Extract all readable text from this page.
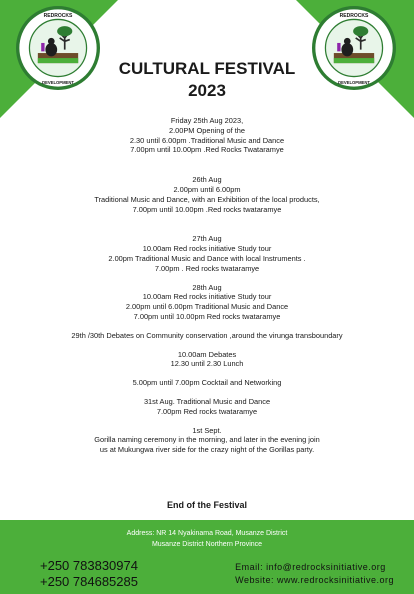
REDROCKS
DEVELOPMENT
REDROCKS
DEVELOPMENT
CULTURAL FESTIVAL
2023
Friday 25th Aug 2023,
2.00PM Opening of the
2.30 until 6.00pm .Traditional Music and Dance
7.00pm until 10.00pm .Red Rocks Twataramye
26th Aug
2.00pm until 6.00pm
Traditional Music and Dance, with an Exhibition of the local products,
7.00pm until 10.00pm .Red rocks twataramye
27th Aug
10.00am Red rocks initiative Study tour
2.00pm Traditional Music and Dance with local Instruments .
7.00pm . Red rocks twataramye
28th Aug
10.00am Red rocks initiative Study tour
2.00pm until 6.00pm Traditional Music and Dance
7.00pm until 10.00pm Red rocks twataramye
29th /30th Debates on Community conservation ,around the virunga transboundary
10.00am Debates
12.30 until 2.30 Lunch
5.00pm until 7.00pm Cocktail and Networking
31st Aug. Traditional Music and Dance
7.00pm Red rocks twataramye
1st Sept.
Gorilla naming ceremony in the morning, and later in the evening join
us at Mukungwa river side for the crazy night of the Gorillas party.
End of the Festival
Address: NR 14 Nyakinama Road, Musanze District
Musanze District Northern Province
+250 783830974
+250 784685285
Email: info@redrocksinitiative.org
Website: www.redrocksinitiative.org
